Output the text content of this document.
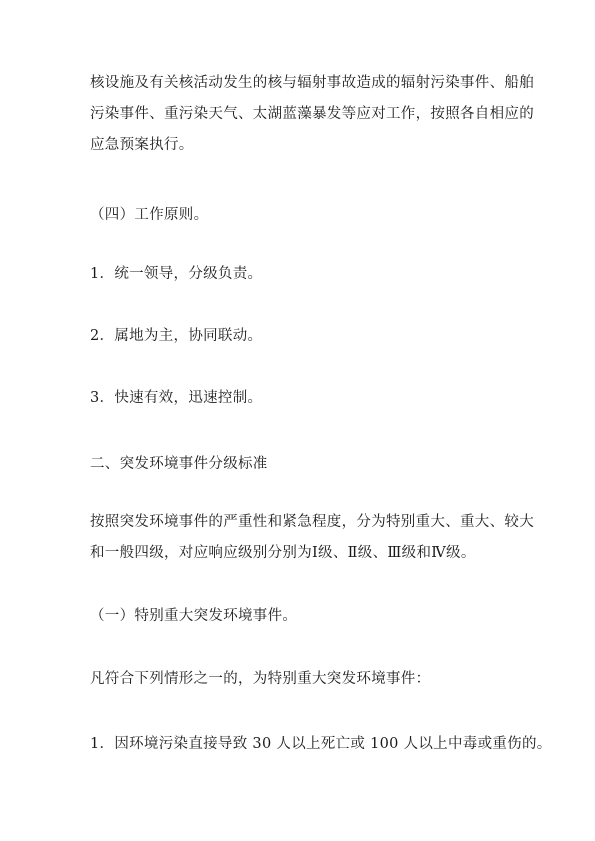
核设施及有关核活动发生的核与辐射事故造成的辐射污染事件、船舶
污染事件、重污染天气、太湖蓝藻暴发等应对工作，按照各自相应的
应急预案执行。
（四）工作原则。
1．统一领导，分级负责。
2．属地为主，协同联动。
3．快速有效，迅速控制。
二、突发环境事件分级标准
按照突发环境事件的严重性和紧急程度，分为特别重大、重大、较大
和一般四级，对应响应级别分别为Ⅰ级、Ⅱ级、Ⅲ级和Ⅳ级。
（一）特别重大突发环境事件。
凡符合下列情形之一的，为特别重大突发环境事件：
1．因环境污染直接导致 30 人以上死亡或 100 人以上中毒或重伤的。
